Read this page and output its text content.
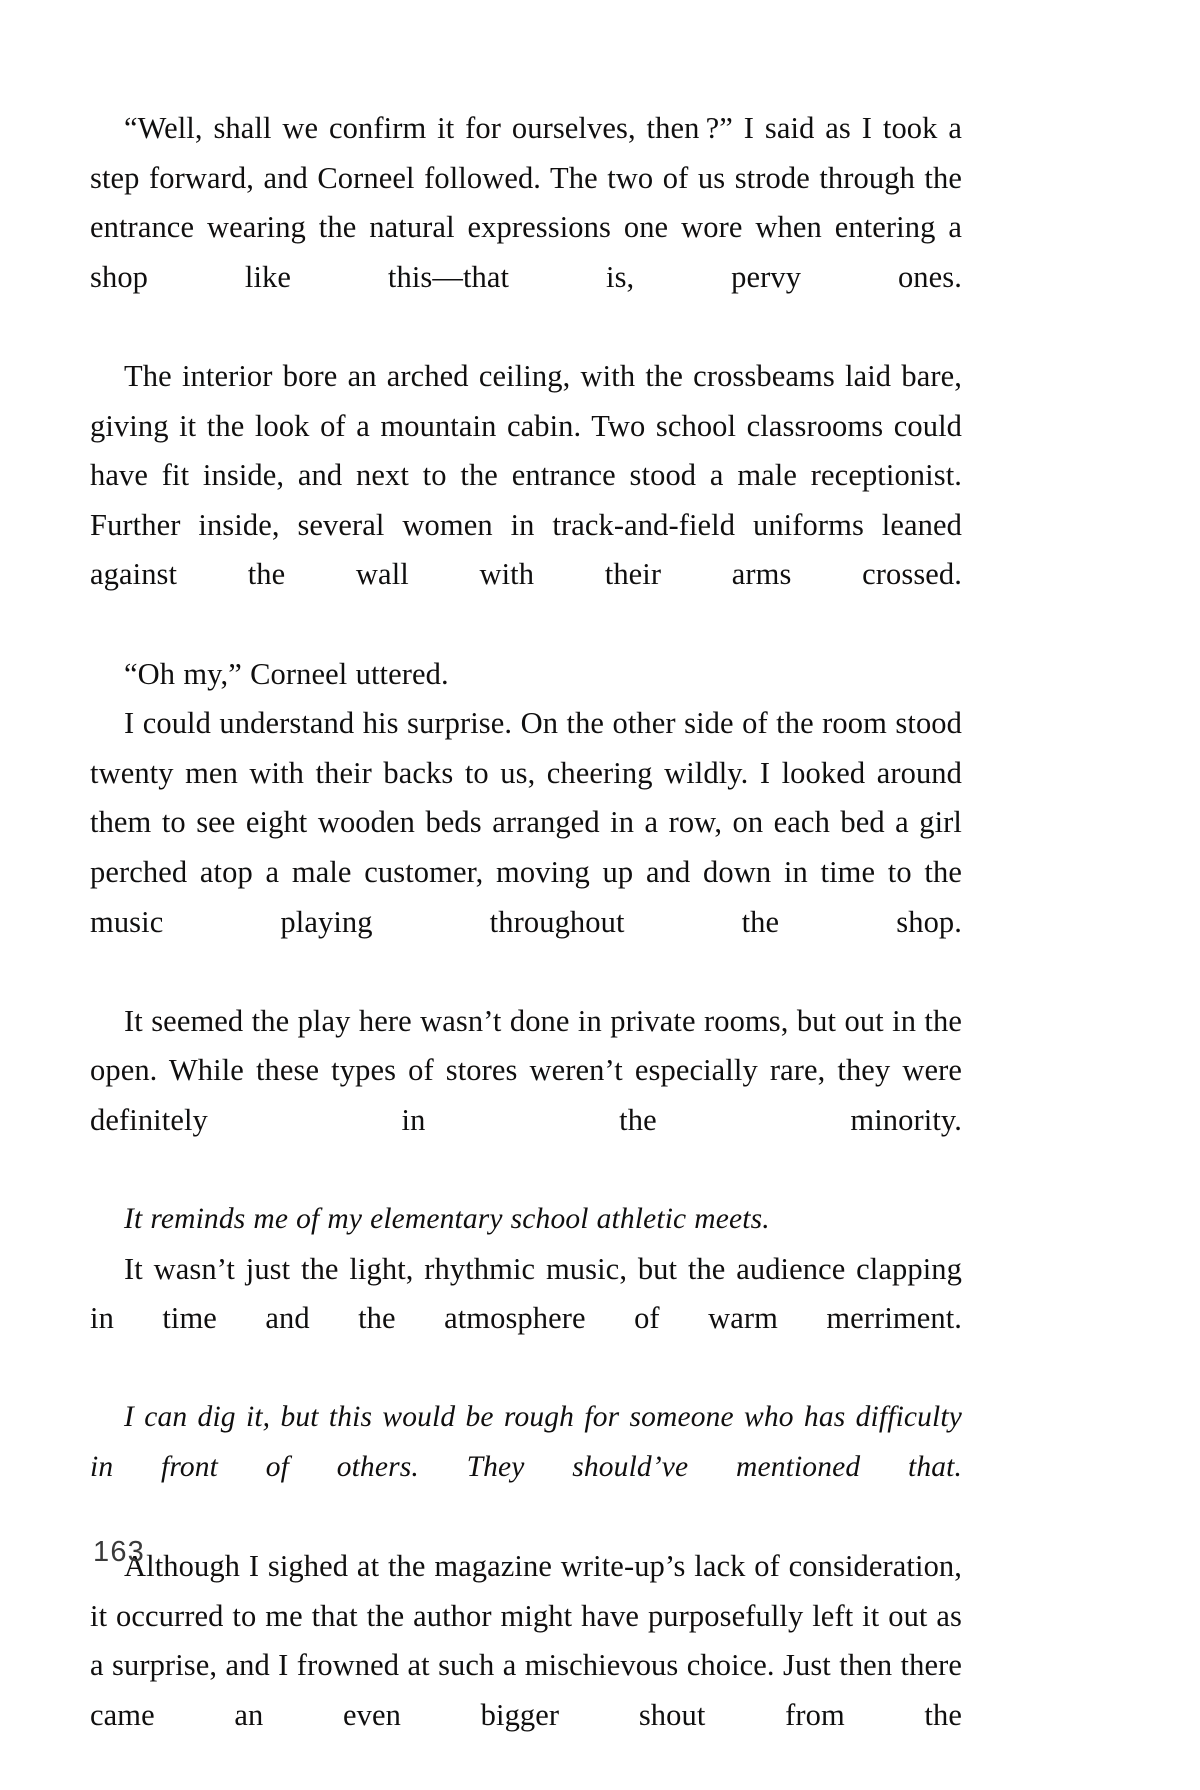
“Well, shall we confirm it for ourselves, then ?” I said as I took a step forward, and Corneel followed. The two of us strode through the entrance wearing the natural expressions one wore when entering a shop like this—that is, pervy ones.

The interior bore an arched ceiling, with the crossbeams laid bare, giving it the look of a mountain cabin. Two school classrooms could have fit inside, and next to the entrance stood a male receptionist. Further inside, several women in track-and-field uniforms leaned against the wall with their arms crossed.

“Oh my,” Corneel uttered.

I could understand his surprise. On the other side of the room stood twenty men with their backs to us, cheering wildly. I looked around them to see eight wooden beds arranged in a row, on each bed a girl perched atop a male customer, moving up and down in time to the music playing throughout the shop.

It seemed the play here wasn’t done in private rooms, but out in the open. While these types of stores weren’t especially rare, they were definitely in the minority.

It reminds me of my elementary school athletic meets.

It wasn’t just the light, rhythmic music, but the audience clapping in time and the atmosphere of warm merriment.

I can dig it, but this would be rough for someone who has difficulty in front of others. They should’ve mentioned that.

Although I sighed at the magazine write-up’s lack of consideration, it occurred to me that the author might have purposefully left it out as a surprise, and I frowned at such a mischievous choice. Just then there came an even bigger shout from the

163
